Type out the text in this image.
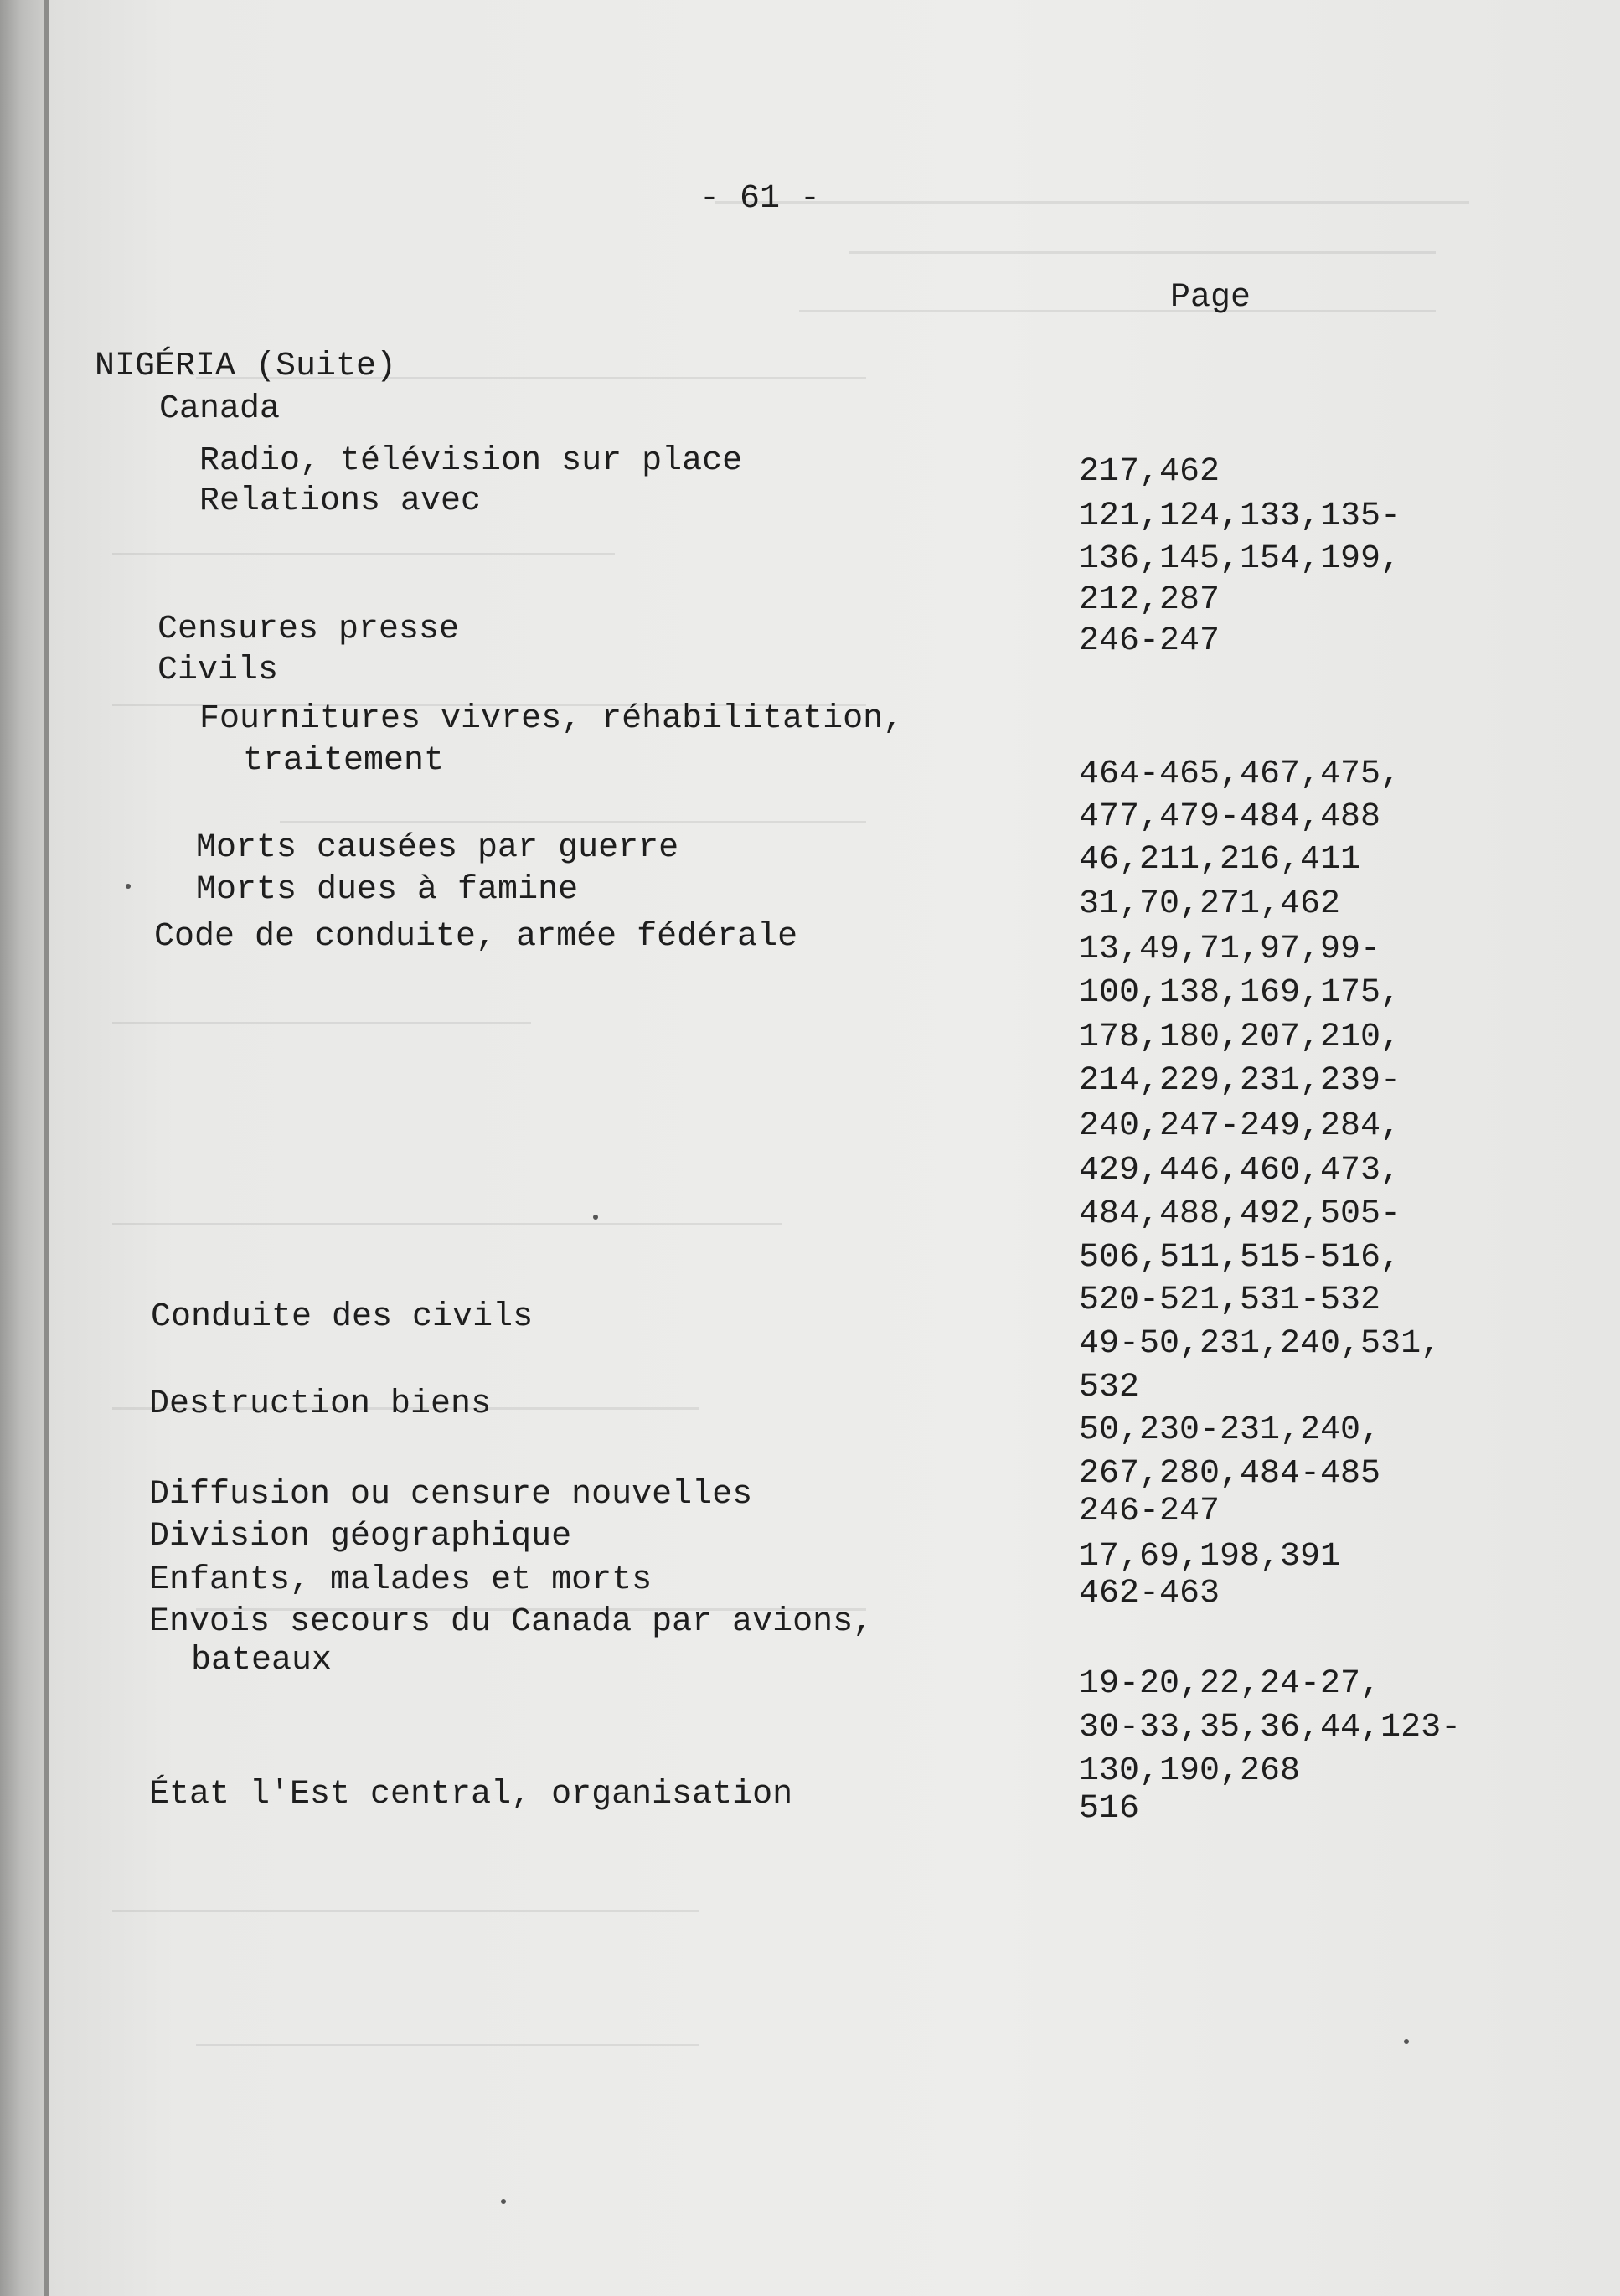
- 61 -
Page
NIGÉRIA (Suite)
Canada
Radio, télévision sur place
Relations avec
Censures presse
Civils
Fournitures vivres, réhabilitation,
traitement
Morts causées par guerre
Morts dues à famine
Code de conduite, armée fédérale
Conduite des civils
Destruction biens
Diffusion ou censure nouvelles
Division géographique
Enfants, malades et morts
Envois secours du Canada par avions,
bateaux
État l'Est central, organisation
217,462
121,124,133,135-
136,145,154,199,
212,287
246-247
464-465,467,475,
477,479-484,488
46,211,216,411
31,70,271,462
13,49,71,97,99-
100,138,169,175,
178,180,207,210,
214,229,231,239-
240,247-249,284,
429,446,460,473,
484,488,492,505-
506,511,515-516,
520-521,531-532
49-50,231,240,531,
532
50,230-231,240,
267,280,484-485
246-247
17,69,198,391
462-463
19-20,22,24-27,
30-33,35,36,44,123-
130,190,268
516
